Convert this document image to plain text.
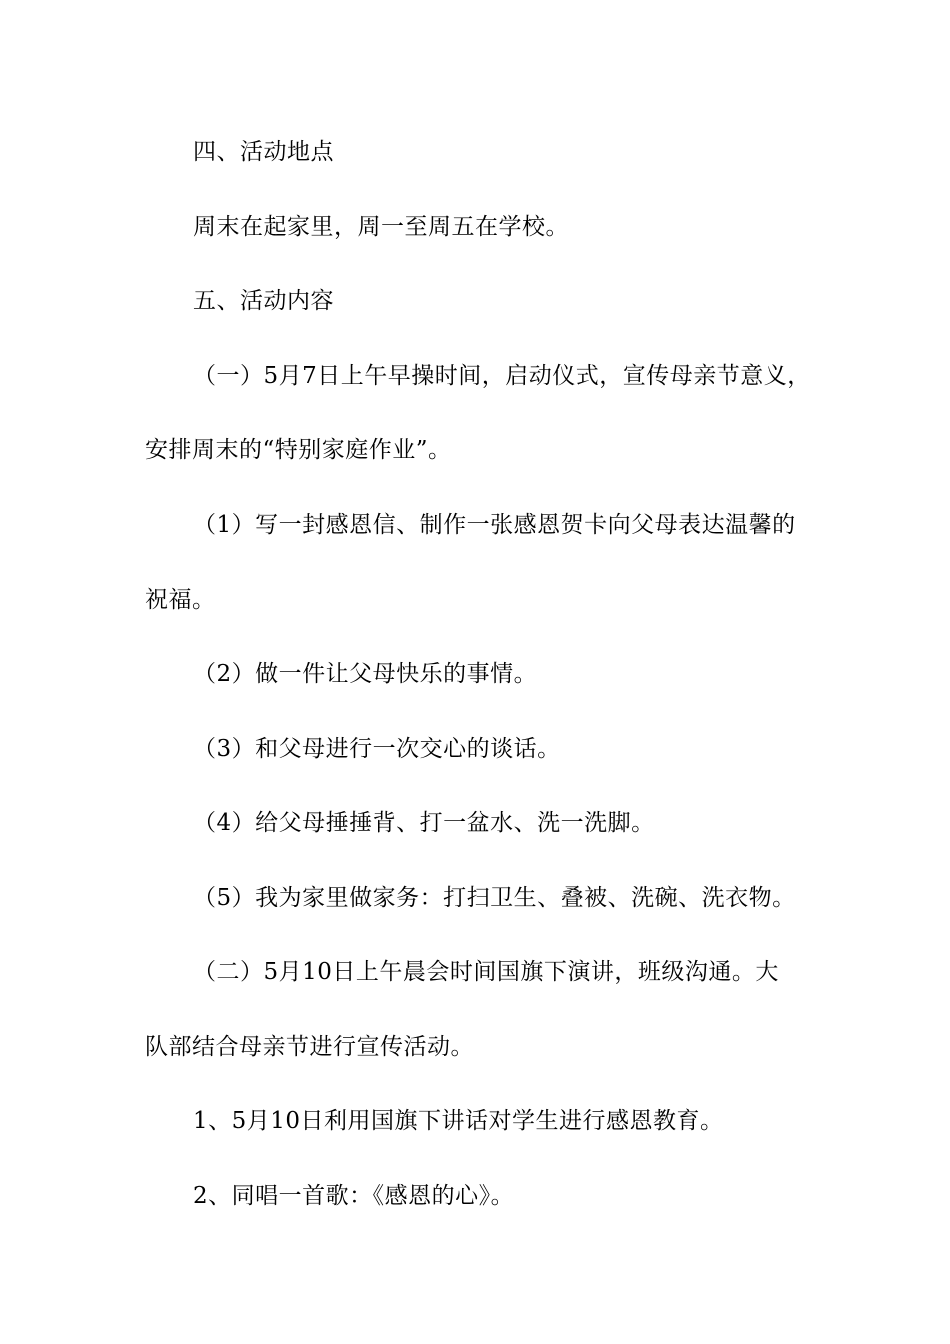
四、活动地点
周末在起家里，周一至周五在学校。
五、活动内容
（一）5月7日上午早操时间，启动仪式，宣传母亲节意义，
安排周末的“特别家庭作业”。
（1）写一封感恩信、制作一张感恩贺卡向父母表达温馨的
祝福。
（2）做一件让父母快乐的事情。
（3）和父母进行一次交心的谈话。
（4）给父母捶捶背、打一盆水、洗一洗脚。
（5）我为家里做家务：打扫卫生、叠被、洗碗、洗衣物。
（二）5月10日上午晨会时间国旗下演讲，班级沟通。大
队部结合母亲节进行宣传活动。
1、5月10日利用国旗下讲话对学生进行感恩教育。
2、同唱一首歌：《感恩的心》。
